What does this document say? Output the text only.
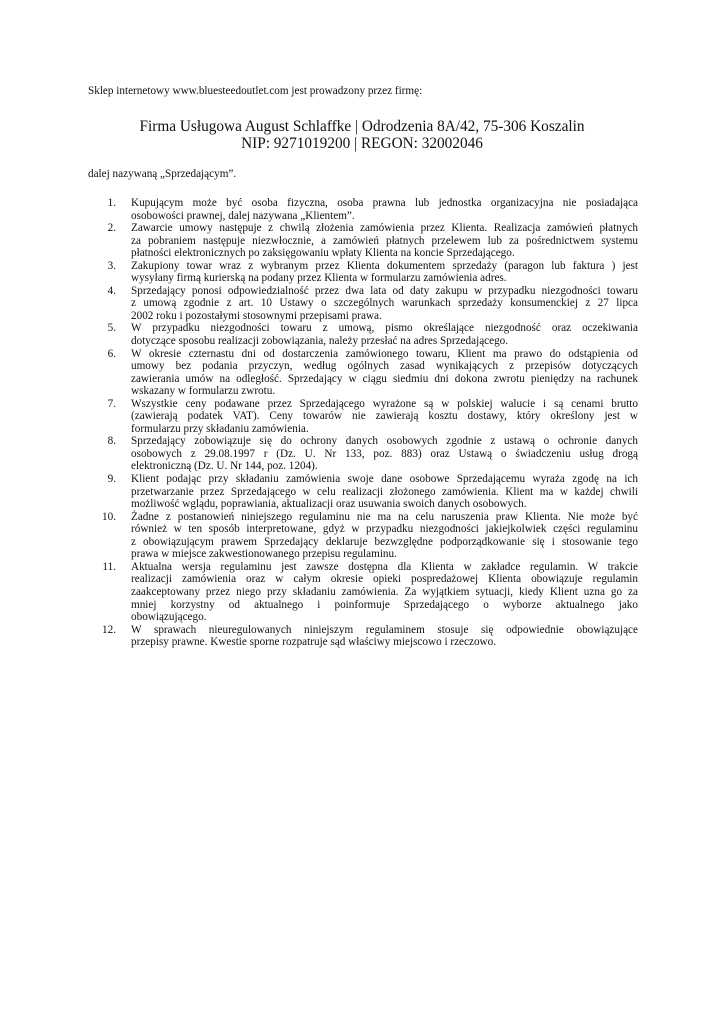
Sklep internetowy www.bluesteedoutlet.com jest prowadzony przez firmę:
Firma Usługowa August Schlaffke | Odrodzenia 8A/42, 75-306 Koszalin
NIP: 9271019200 | REGON: 32002046
dalej nazywaną „Sprzedającym”.
1. Kupującym może być osoba fizyczna, osoba prawna lub jednostka organizacyjna nie posiadająca
osobowości prawnej, dalej nazywana „Klientem”.
2. Zawarcie umowy następuje z chwilą złożenia zamówienia przez Klienta. Realizacja zamówień płatnych
za pobraniem następuje niezwłocznie, a zamówień płatnych przelewem lub za pośrednictwem systemu
płatności elektronicznych po zaksięgowaniu wpłaty Klienta na koncie Sprzedającego.
3. Zakupiony towar wraz z wybranym przez Klienta dokumentem sprzedaży (paragon lub faktura ) jest
wysyłany firmą kurierską na podany przez Klienta w formularzu zamówienia adres.
4. Sprzedający ponosi odpowiedzialność przez dwa lata od daty zakupu w przypadku niezgodności towaru
z umową zgodnie z art. 10 Ustawy o szczególnych warunkach sprzedaży konsumenckiej z 27 lipca
2002 roku i pozostałymi stosownymi przepisami prawa.
5. W przypadku niezgodności towaru z umową, pismo określające niezgodność oraz oczekiwania
dotyczące sposobu realizacji zobowiązania, należy przesłać na adres Sprzedającego.
6. W okresie czternastu dni od dostarczenia zamówionego towaru, Klient ma prawo do odstąpienia od
umowy bez podania przyczyn, według ogólnych zasad wynikających z przepisów dotyczących
zawierania umów na odległość. Sprzedający w ciągu siedmiu dni dokona zwrotu pieniędzy na rachunek
wskazany w formularzu zwrotu.
7. Wszystkie ceny podawane przez Sprzedającego wyrażone są w polskiej walucie i są cenami brutto
(zawierają podatek VAT). Ceny towarów nie zawierają kosztu dostawy, który określony jest w
formularzu przy składaniu zamówienia.
8. Sprzedający zobowiązuje się do ochrony danych osobowych zgodnie z ustawą o ochronie danych
osobowych z 29.08.1997 r (Dz. U. Nr 133, poz. 883) oraz Ustawą o świadczeniu usług drogą
elektroniczną (Dz. U. Nr 144, poz. 1204).
9. Klient podając przy składaniu zamówienia swoje dane osobowe Sprzedającemu wyraża zgodę na ich
przetwarzanie przez Sprzedającego w celu realizacji złożonego zamówienia. Klient ma w każdej chwili
możliwość wglądu, poprawiania, aktualizacji oraz usuwania swoich danych osobowych.
10. Żadne z postanowień niniejszego regulaminu nie ma na celu naruszenia praw Klienta. Nie może być
również w ten sposób interpretowane, gdyż w przypadku niezgodności jakiejkolwiek części regulaminu
z obowiązującym prawem Sprzedający deklaruje bezwzględne podporządkowanie się i stosowanie tego
prawa w miejsce zakwestionowanego przepisu regulaminu.
11. Aktualna wersja regulaminu jest zawsze dostępna dla Klienta w zakładce regulamin. W trakcie
realizacji zamówienia oraz w całym okresie opieki pospredażowej Klienta obowiązuje regulamin
zaakceptowany przez niego przy składaniu zamówienia. Za wyjątkiem sytuacji, kiedy Klient uzna go za
mniej korzystny od aktualnego i poinformuje Sprzedającego o wyborze aktualnego jako
obowiązującego.
12. W sprawach nieuregulowanych niniejszym regulaminem stosuje się odpowiednie obowiązujące
przepisy prawne. Kwestie sporne rozpatruje sąd właściwy miejscowo i rzeczowo.
